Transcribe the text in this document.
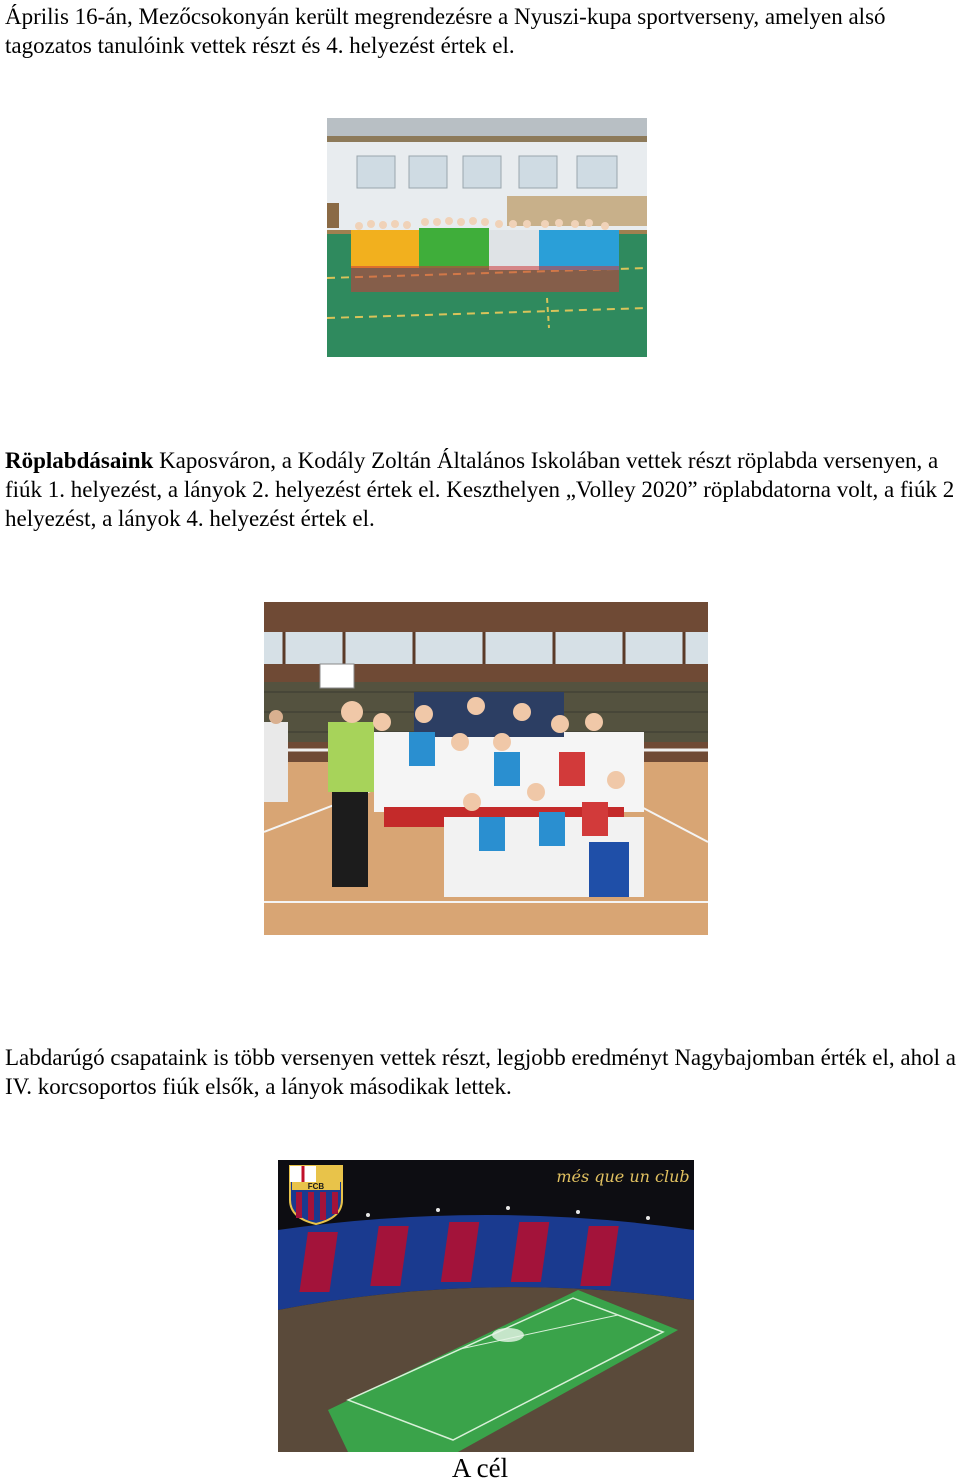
Április 16-án, Mezőcsokonyán került megrendezésre a Nyuszi-kupa sportverseny, amelyen alsó tagozatos tanulóink vettek részt és 4. helyezést értek el.

Röplabdásaink Kaposváron, a Kodály Zoltán Általános Iskolában vettek részt röplabda versenyen, a fiúk 1. helyezést, a lányok 2. helyezést értek el. Keszthelyen „Volley 2020” röplabdatorna volt, a fiúk 2 helyezést, a lányok 4. helyezést értek el.

Labdarúgó csapataink is több versenyen vettek részt, legjobb eredményt Nagybajomban érték el, ahol a IV. korcsoportos fiúk elsők, a lányok másodikak lettek.

FCB
més que un club
A cél
